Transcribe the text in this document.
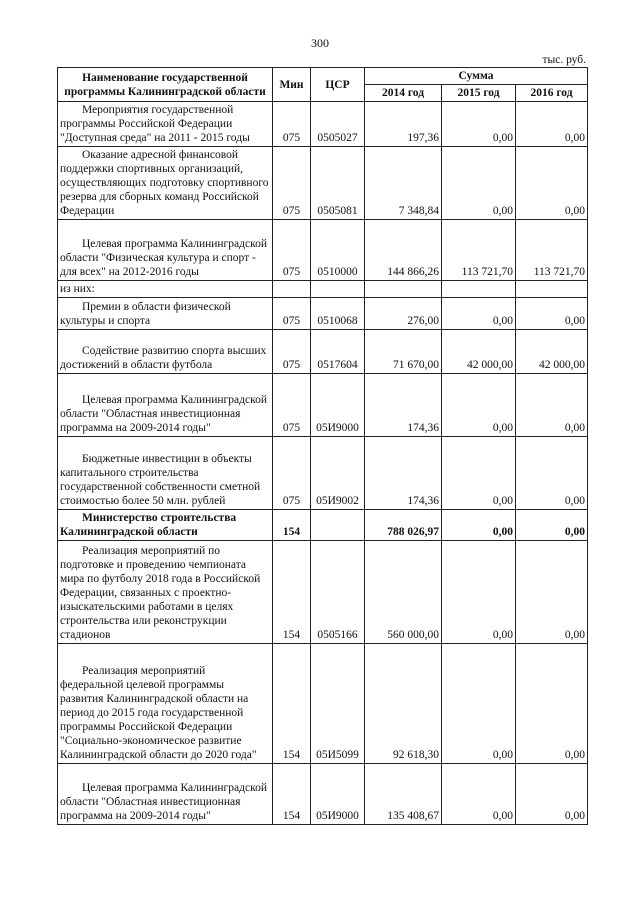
300
тыс. руб.
Наименование государственной программы Калининградской области	Мин	ЦСР	Сумма		
			2014 год	2015 год	2016 год

Мероприятия государственной программы Российской Федерации "Доступная среда" на 2011 - 2015 годы	075	0505027	197,36	0,00	0,00

Оказание адресной финансовой поддержки спортивных организаций, осуществляющих подготовку спортивного резерва для сборных команд Российской Федерации	075	0505081	7 348,84	0,00	0,00

Целевая программа Калининградской области "Физическая культура и спорт - для всех" на 2012-2016 годы	075	0510000	144 866,26	113 721,70	113 721,70

из них:					

Премии в области физической культуры и спорта	075	0510068	276,00	0,00	0,00

Содействие развитию спорта высших достижений в области футбола	075	0517604	71 670,00	42 000,00	42 000,00

Целевая программа Калининградской области "Областная инвестиционная программа на 2009-2014 годы"	075	05И9000	174,36	0,00	0,00

Бюджетные инвестиции в объекты капитального строительства государственной собственности сметной стоимостью более 50 млн. рублей	075	05И9002	174,36	0,00	0,00

Министерство строительства Калининградской области	154		788 026,97	0,00	0,00

Реализация мероприятий по подготовке и проведению чемпионата мира по футболу 2018 года в Российской Федерации, связанных с проектно-изыскательскими работами в целях строительства или реконструкции стадионов	154	0505166	560 000,00	0,00	0,00

Реализация мероприятий федеральной целевой программы развития Калининградской области на период до 2015 года государственной программы Российской Федерации "Социально-экономическое развитие Калининградской области до 2020 года"	154	05И5099	92 618,30	0,00	0,00

Целевая программа Калининградской области "Областная инвестиционная программа на 2009-2014 годы"	154	05И9000	135 408,67	0,00	0,00
